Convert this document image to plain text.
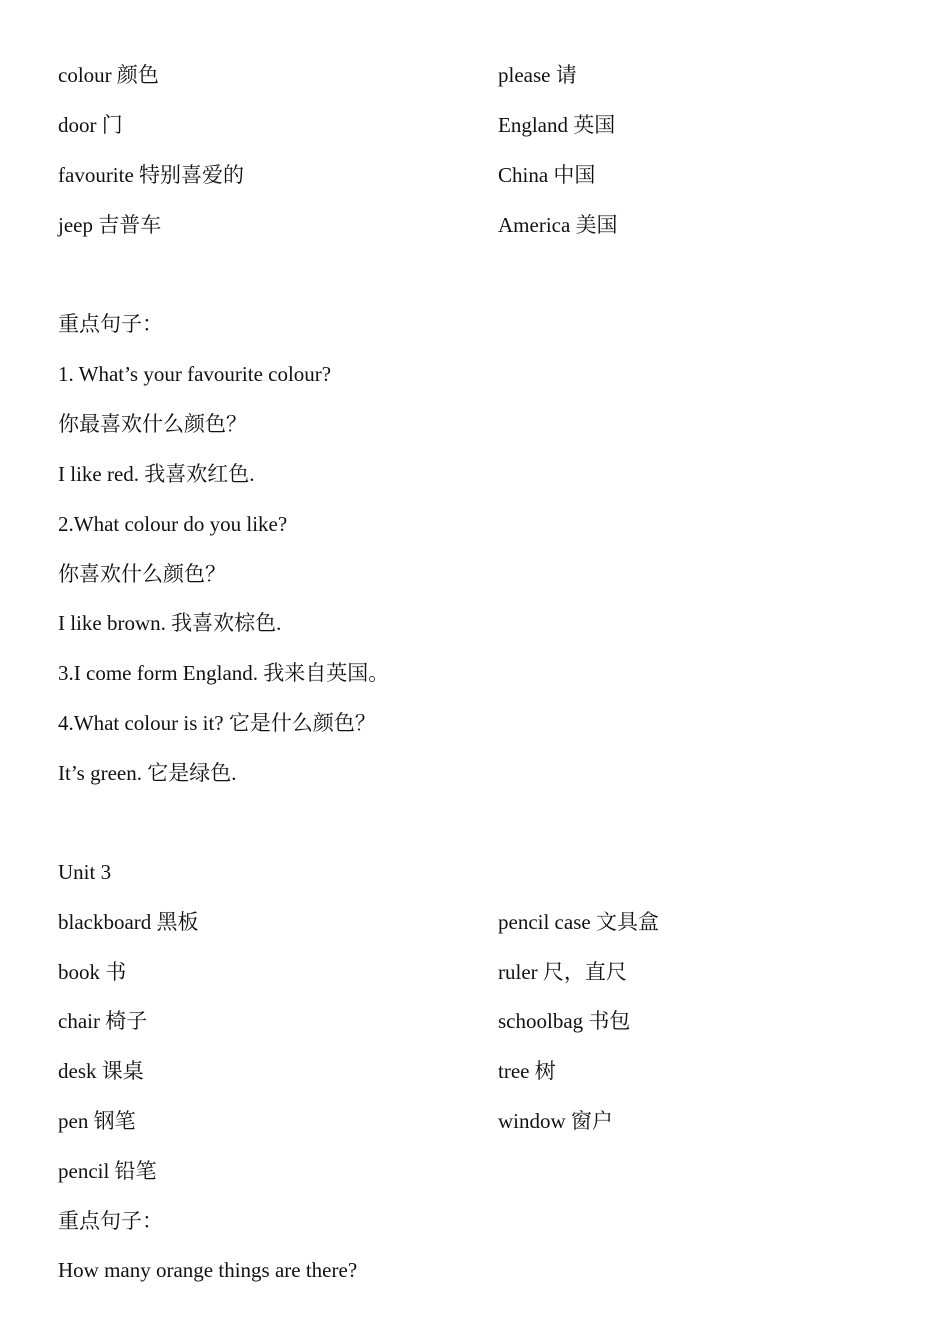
colour 颜色	please 请
door 门	England 英国
favourite 特别喜爱的	China 中国
jeep 吉普车	America 美国
重点句子：
1. What’s your favourite colour?
你最喜欢什么颜色？
I like red. 我喜欢红色.
2.What colour do you like?
你喜欢什么颜色？
I like brown. 我喜欢棕色.
3.I come form England. 我来自英国。
4.What colour is it? 它是什么颜色？
It’s green. 它是绿色.
Unit 3
blackboard 黑板	pencil case 文具盒
book 书	ruler 尺，直尺
chair 椅子	schoolbag 书包
desk 课桌	tree 树
pen 钢笔	window 窗户
pencil 铅笔
重点句子：
How many orange things are there?
